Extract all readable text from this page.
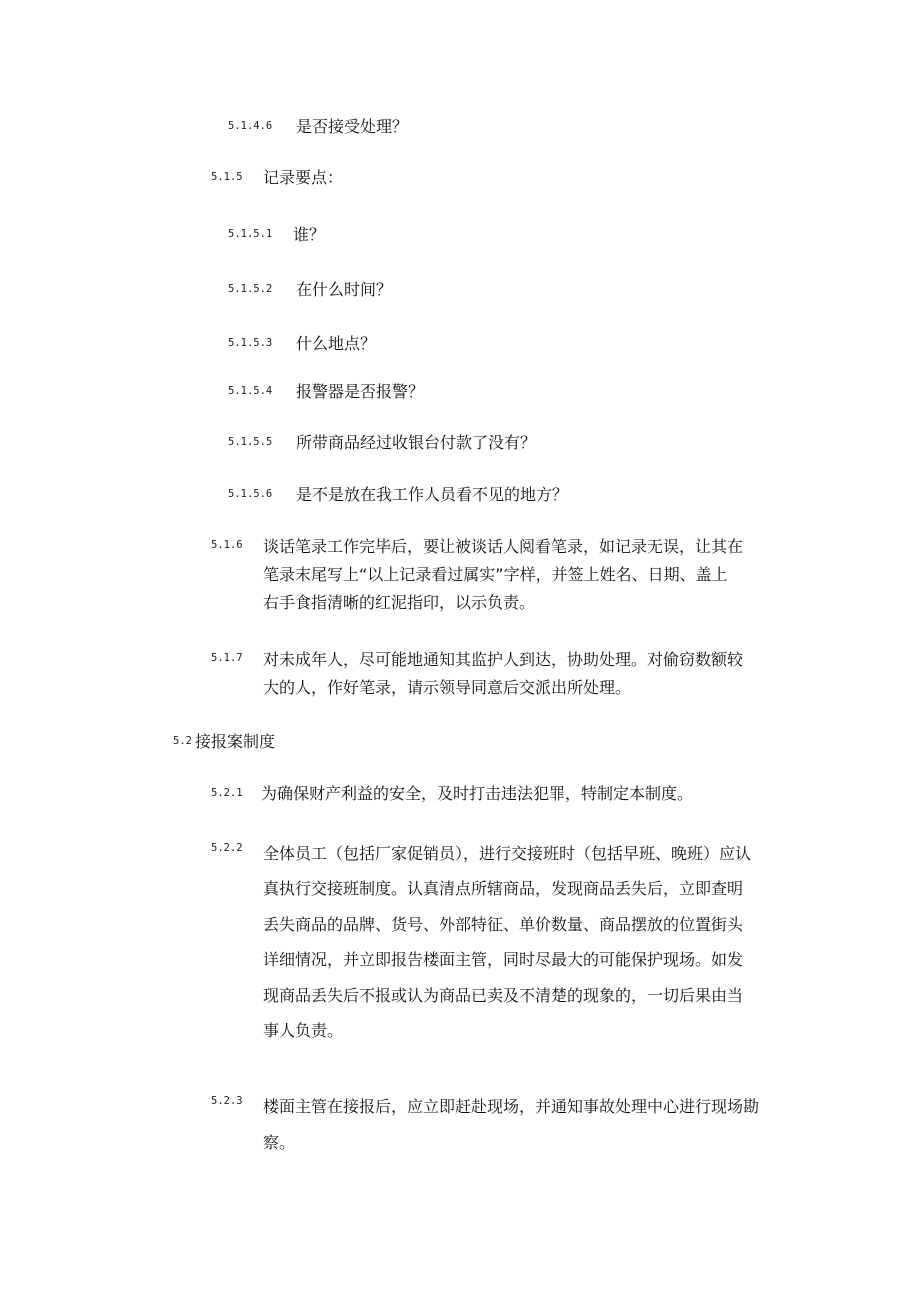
5.1.4.6	是否接受处理？
5.1.5	记录要点：
5.1.5.1	谁？
5.1.5.2	在什么时间？
5.1.5.3	什么地点？
5.1.5.4	报警器是否报警？
5.1.5.5	所带商品经过收银台付款了没有？
5.1.5.6	是不是放在我工作人员看不见的地方？
5.1.6	谈话笔录工作完毕后，要让被谈话人阅看笔录，如记录无误，让其在
笔录末尾写上“以上记录看过属实”字样，并签上姓名、日期、盖上
右手食指清晰的红泥指印，以示负责。
5.1.7	对未成年人，尽可能地通知其监护人到达，协助处理。对偷窃数额较
大的人，作好笔录，请示领导同意后交派出所处理。
5.2 接报案制度
5.2.1	为确保财产利益的安全，及时打击违法犯罪，特制定本制度。
5.2.2	全体员工（包括厂家促销员），进行交接班时（包括早班、晚班）应认
真执行交接班制度。认真清点所辖商品，发现商品丢失后，立即查明
丢失商品的品牌、货号、外部特征、单价数量、商品摆放的位置街头
详细情况，并立即报告楼面主管，同时尽最大的可能保护现场。如发
现商品丢失后不报或认为商品已卖及不清楚的现象的，一切后果由当
事人负责。
5.2.3	楼面主管在接报后，应立即赶赴现场，并通知事故处理中心进行现场勘
察。
